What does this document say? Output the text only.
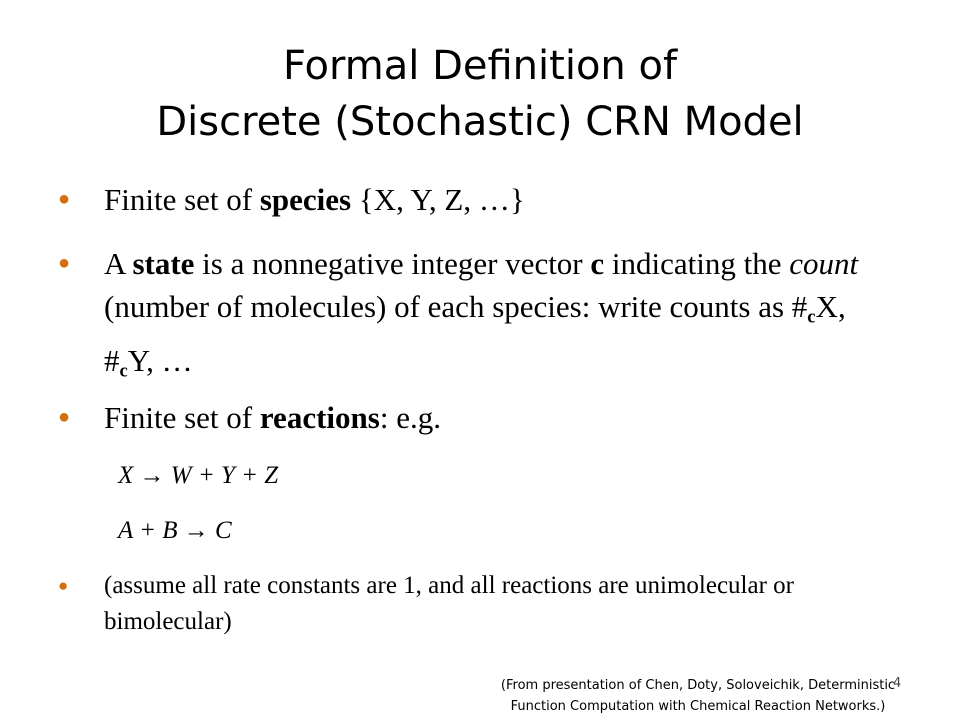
Formal Definition of
Discrete (Stochastic) CRN Model
● Finite set of species {X, Y, Z, …}
● A state is a nonnegative integer vector c indicating the count (number of molecules) of each species: write counts as $\#_cX$, $\#_cY$, …
● Finite set of reactions: e.g.
X → W + Y + Z
A + B → C
● (assume all rate constants are 1, and all reactions are unimolecular or bimolecular)
(From presentation of Chen, Doty, Soloveichik, Deterministic
Function Computation with Chemical Reaction Networks.)
4
